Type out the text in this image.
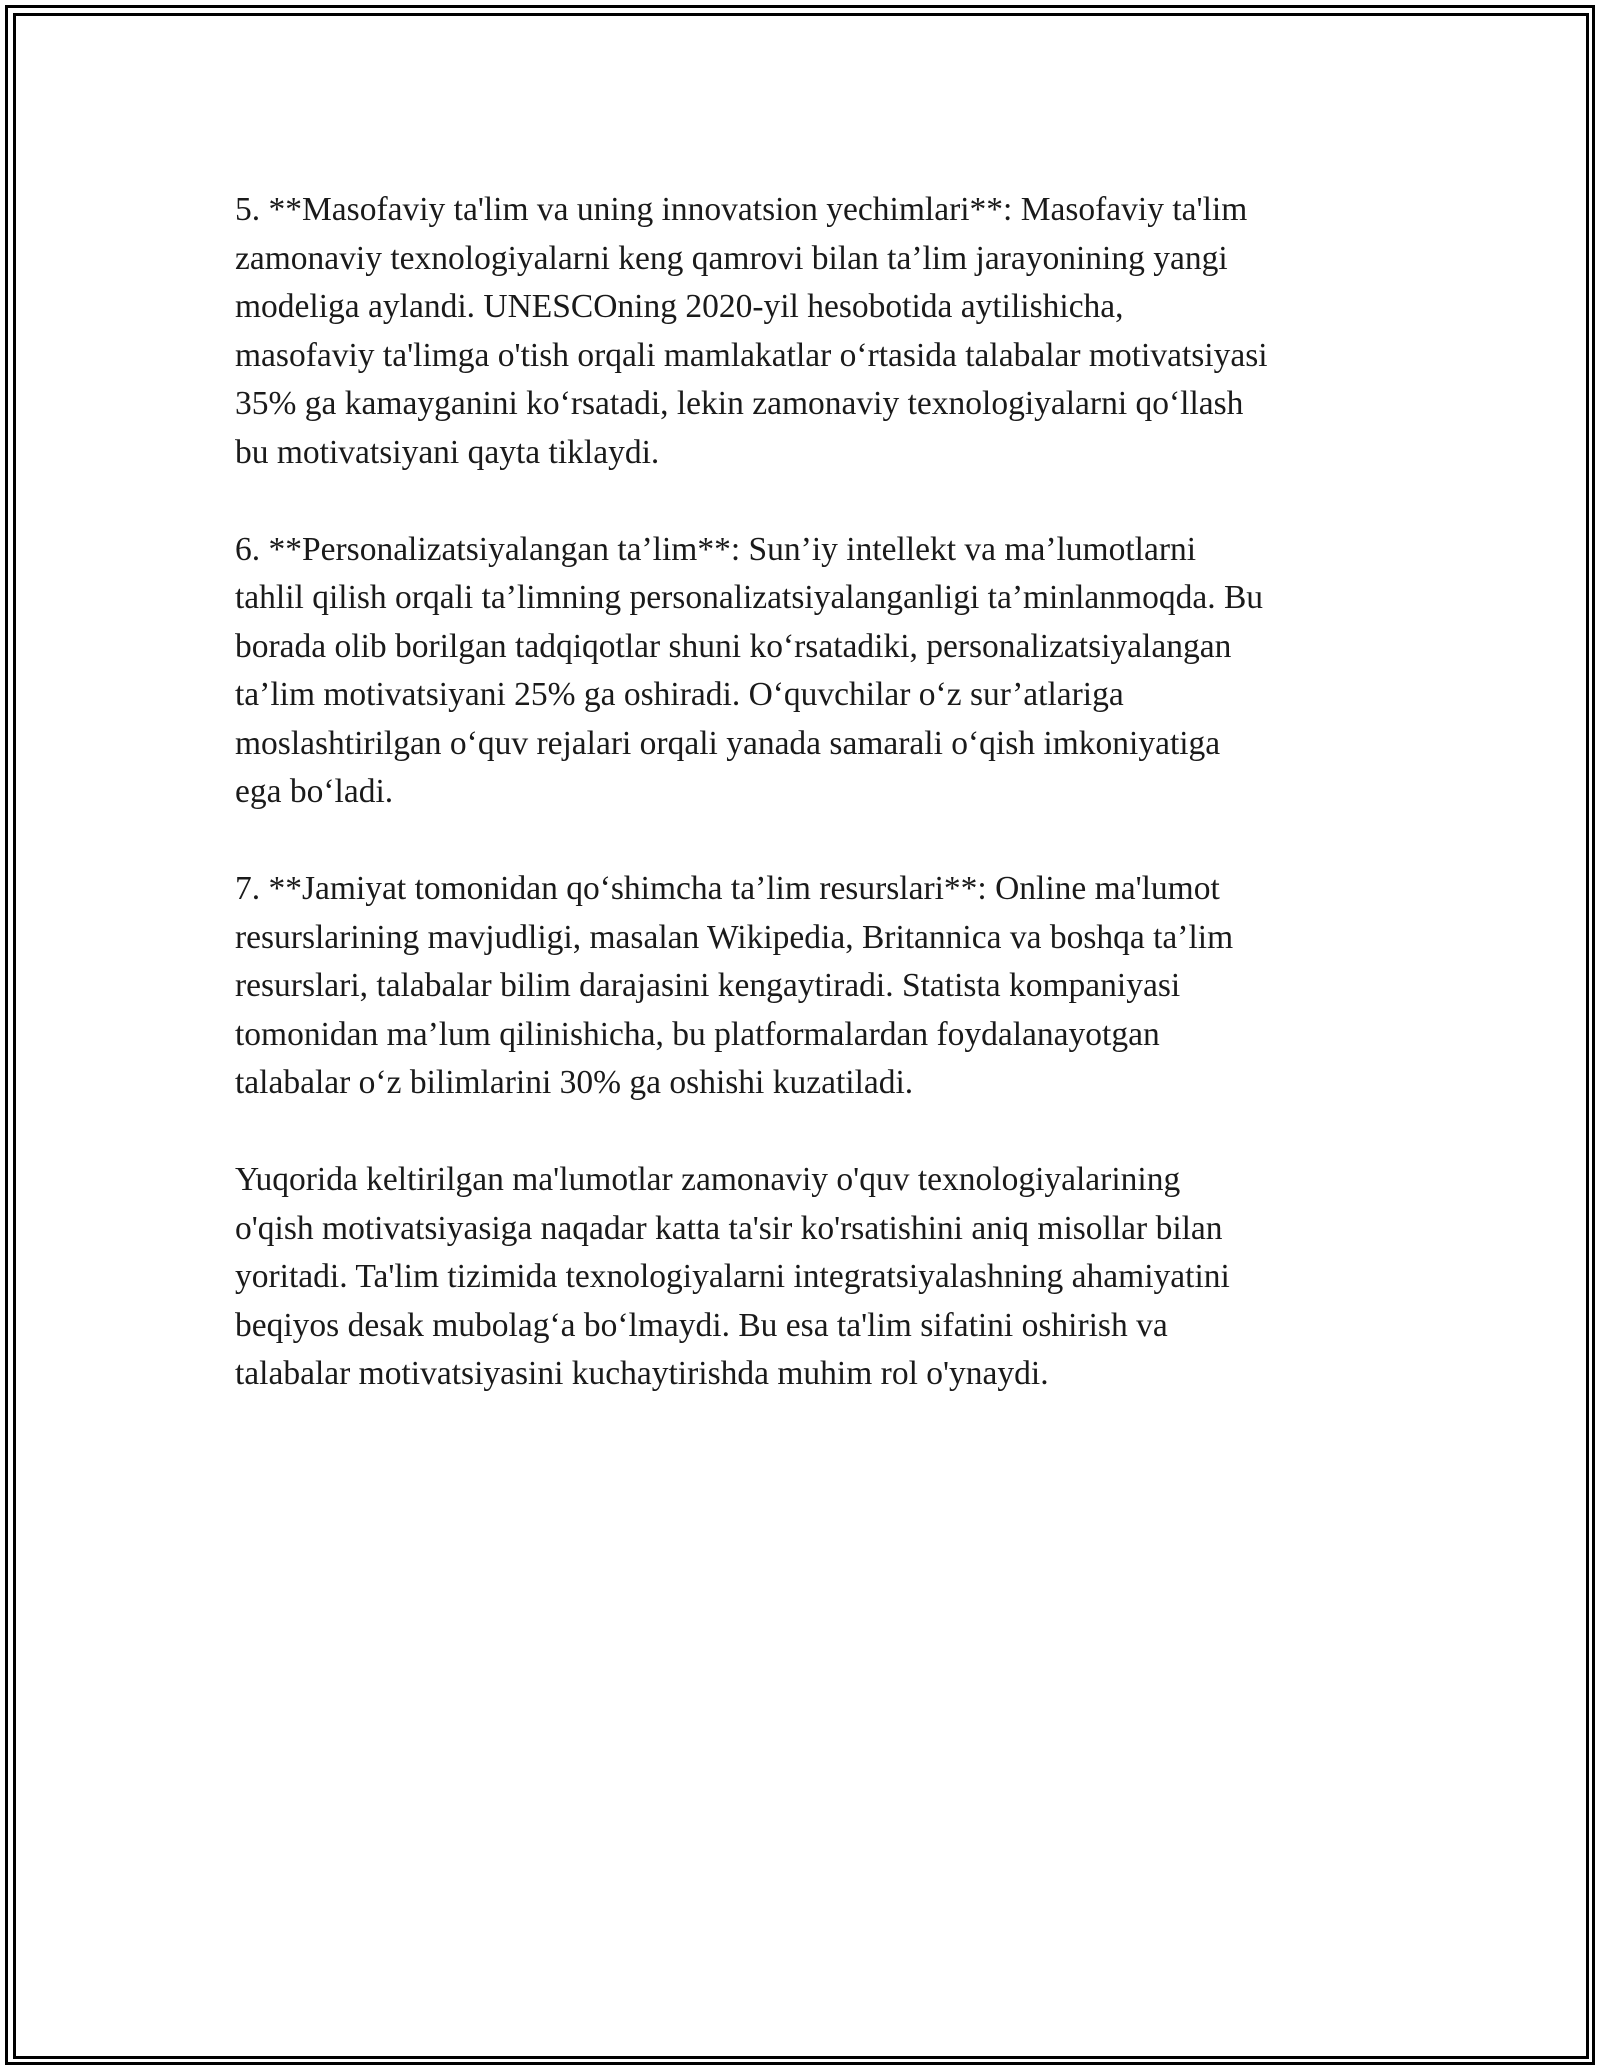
5. **Masofaviy ta'lim va uning innovatsion yechimlari**: Masofaviy ta'lim
zamonaviy texnologiyalarni keng qamrovi bilan ta’lim jarayonining yangi
modeliga aylandi. UNESCOning 2020-yil hesobotida aytilishicha,
masofaviy ta'limga o'tish orqali mamlakatlar o‘rtasida talabalar motivatsiyasi
35% ga kamayganini ko‘rsatadi, lekin zamonaviy texnologiyalarni qo‘llash
bu motivatsiyani qayta tiklaydi.
6. **Personalizatsiyalangan ta’lim**: Sun’iy intellekt va ma’lumotlarni
tahlil qilish orqali ta’limning personalizatsiyalanganligi ta’minlanmoqda. Bu
borada olib borilgan tadqiqotlar shuni ko‘rsatadiki, personalizatsiyalangan
ta’lim motivatsiyani 25% ga oshiradi. O‘quvchilar o‘z sur’atlariga
moslashtirilgan o‘quv rejalari orqali yanada samarali o‘qish imkoniyatiga
ega bo‘ladi.
7. **Jamiyat tomonidan qo‘shimcha ta’lim resurslari**: Online ma'lumot
resurslarining mavjudligi, masalan Wikipedia, Britannica va boshqa ta’lim
resurslari, talabalar bilim darajasini kengaytiradi. Statista kompaniyasi
tomonidan ma’lum qilinishicha, bu platformalardan foydalanayotgan
talabalar o‘z bilimlarini 30% ga oshishi kuzatiladi.
Yuqorida keltirilgan ma'lumotlar zamonaviy o'quv texnologiyalarining
o'qish motivatsiyasiga naqadar katta ta'sir ko'rsatishini aniq misollar bilan
yoritadi. Ta'lim tizimida texnologiyalarni integratsiyalashning ahamiyatini
beqiyos desak mubolag‘a bo‘lmaydi. Bu esa ta'lim sifatini oshirish va
talabalar motivatsiyasini kuchaytirishda muhim rol o'ynaydi.
